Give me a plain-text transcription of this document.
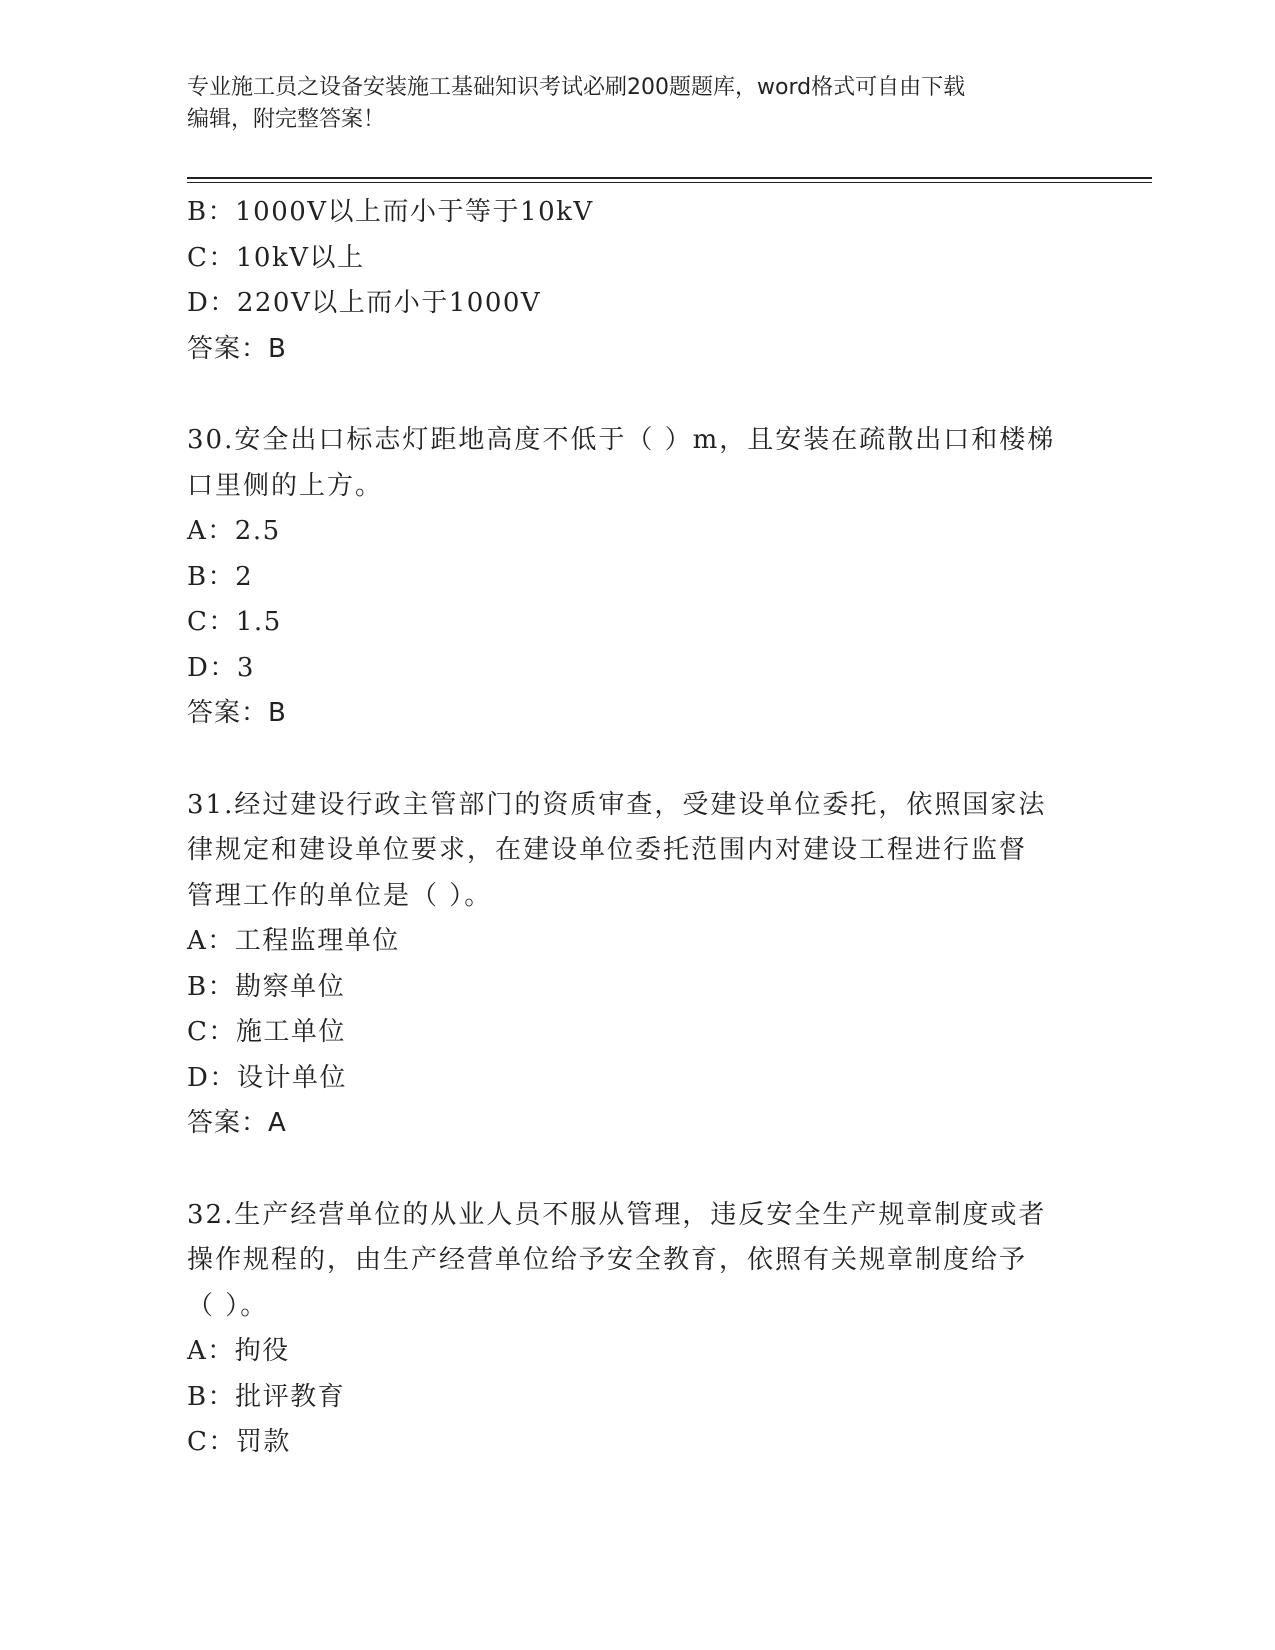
专业施工员之设备安装施工基础知识考试必刷200题题库，word格式可自由下载
编辑，附完整答案！
B：1000V以上而小于等于10kV
C：10kV以上
D：220V以上而小于1000V
答案：B
30.安全出口标志灯距地高度不低于（ ）m，且安装在疏散出口和楼梯
口里侧的上方。
A：2.5
B：2
C：1.5
D：3
答案：B
31.经过建设行政主管部门的资质审查，受建设单位委托，依照国家法
律规定和建设单位要求，在建设单位委托范围内对建设工程进行监督
管理工作的单位是（ ）。
A：工程监理单位
B：勘察单位
C：施工单位
D：设计单位
答案：A
32.生产经营单位的从业人员不服从管理，违反安全生产规章制度或者
操作规程的，由生产经营单位给予安全教育，依照有关规章制度给予
（ ）。
A：拘役
B：批评教育
C：罚款
